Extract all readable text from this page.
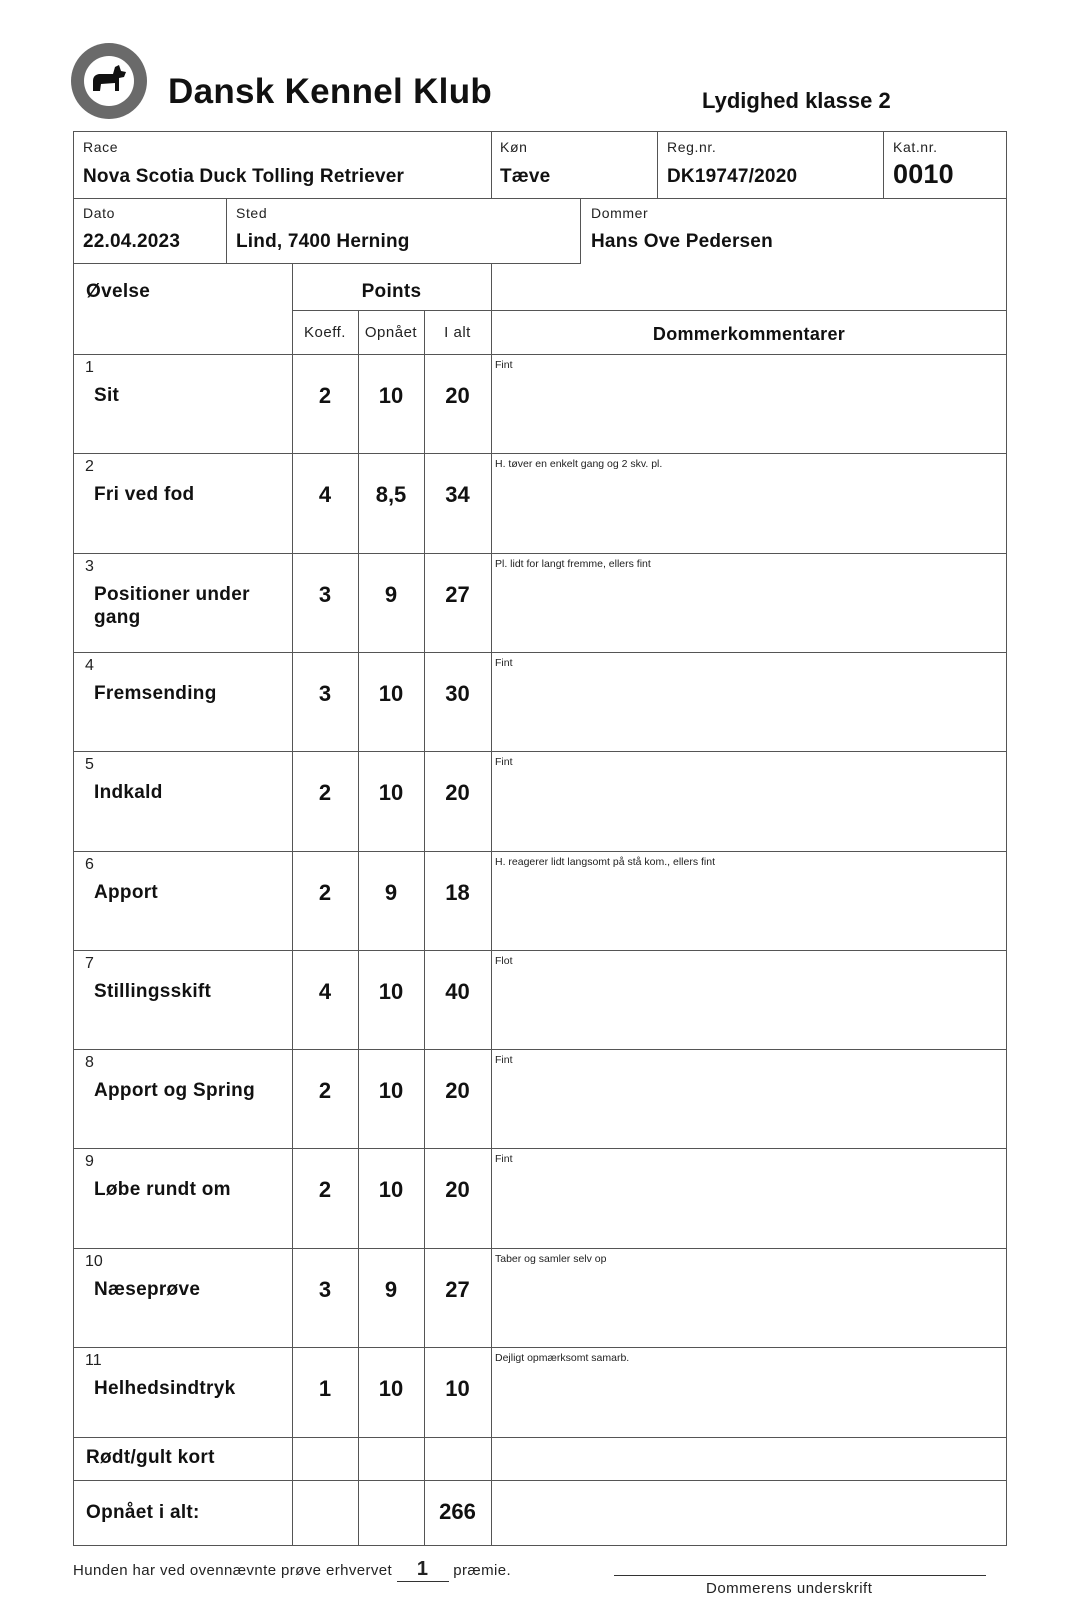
Dansk Kennel Klub	Lydighed klasse 2
Race
Nova Scotia Duck Tolling Retriever
Køn
Tæve
Reg.nr.
DK19747/2020
Kat.nr.
0010
Dato
22.04.2023
Sted
Lind, 7400 Herning
Dommer
Hans Ove Pedersen
Øvelse	Points
Koeff.	Opnået	I alt	Dommerkommentarer
1
Sit	2	10	20
Fint
2
Fri ved fod	4	8,5	34
H. tøver en enkelt gang og 2 skv. pl.
3
Positioner under gang
3	9	27
Pl. lidt for langt fremme, ellers fint
4
Fremsending	3	10	30
Fint
5
Indkald	2	10	20
Fint
6
Apport	2	9	18
H. reagerer lidt langsomt på stå kom., ellers fint
7
Stillingsskift	4	10	40
Flot
8
Apport og Spring	2	10	20
Fint
9
Løbe rundt om	2	10	20
Fint
10
Næseprøve	3	9	27
Taber og samler selv op
11
Helhedsindtryk	1	10	10
Dejligt opmærksomt samarb.
Rødt/gult kort
Opnået i alt:	266
Hunden har ved ovennævnte prøve erhvervet 1 præmie.
Dommerens underskrift
